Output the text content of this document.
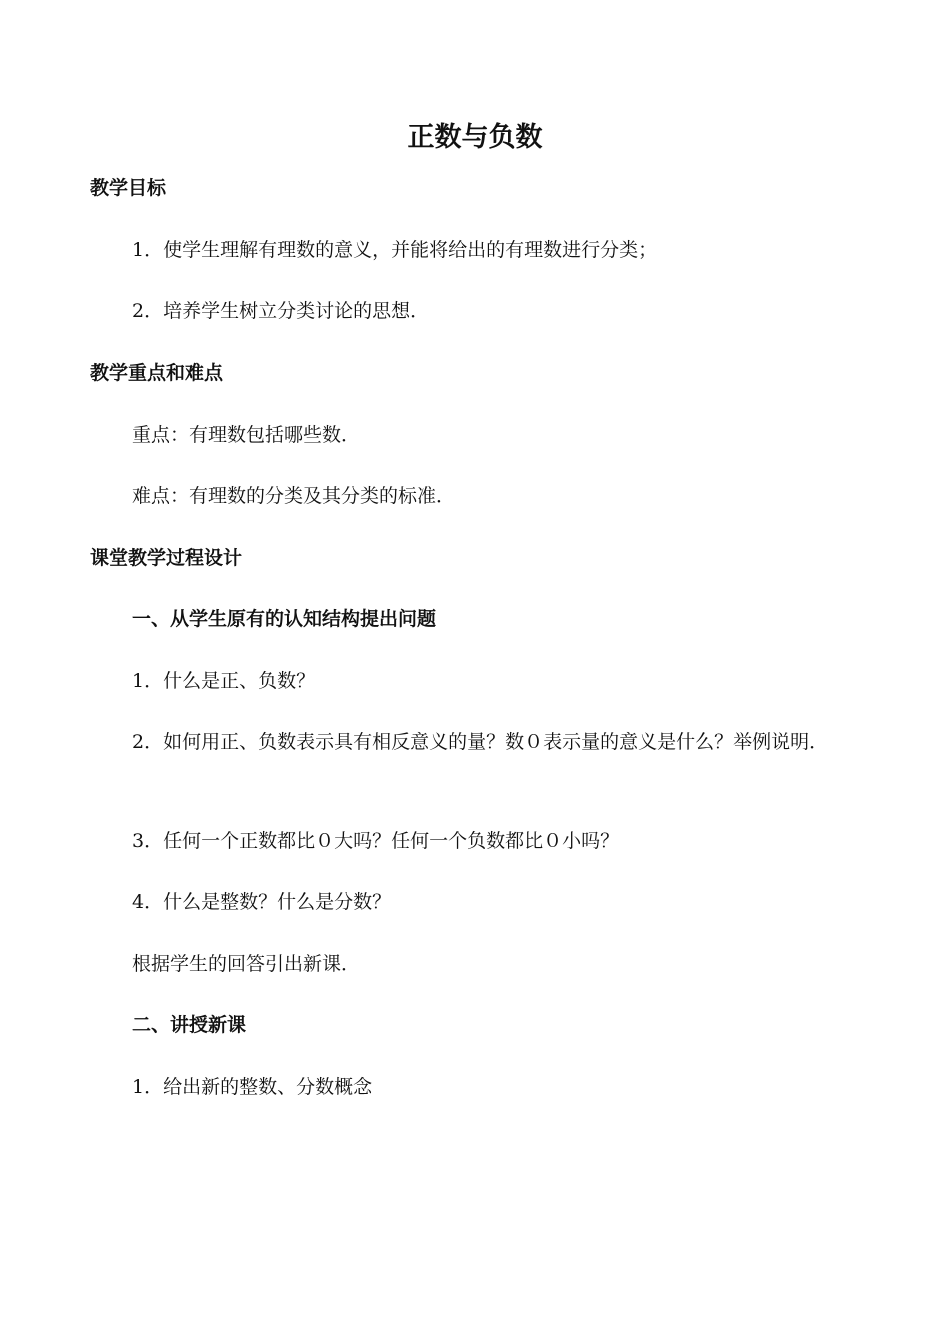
正数与负数
教学目标
1．使学生理解有理数的意义，并能将给出的有理数进行分类；
2．培养学生树立分类讨论的思想．
教学重点和难点
重点：有理数包括哪些数．
难点：有理数的分类及其分类的标准．
课堂教学过程设计
一、从学生原有的认知结构提出问题
1．什么是正、负数？
2．如何用正、负数表示具有相反意义的量？数０表示量的意义是什么？举例说明．
3．任何一个正数都比０大吗？任何一个负数都比０小吗？
4．什么是整数？什么是分数？
根据学生的回答引出新课．
二、讲授新课
1．给出新的整数、分数概念
